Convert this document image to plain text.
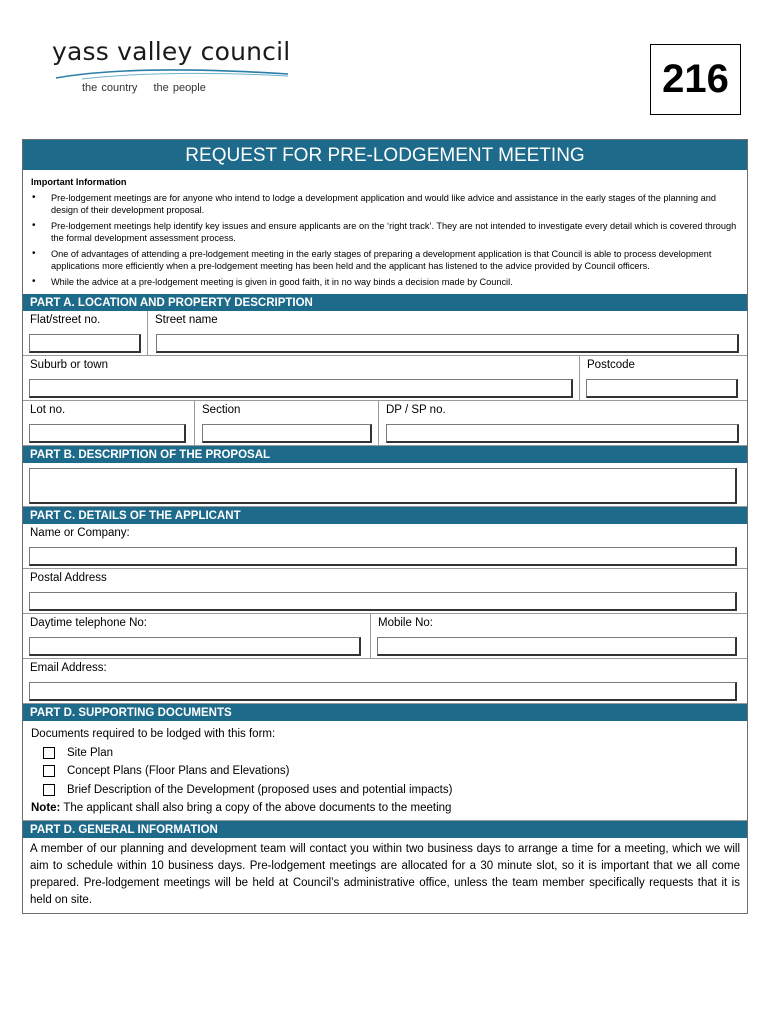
yass valley council
the country the people	216
REQUEST FOR PRE-LODGEMENT MEETING
Important Information
• Pre-lodgement meetings are for anyone who intend to lodge a development application and would like advice and assistance in the early stages of the planning and design of their development proposal.
• Pre-lodgement meetings help identify key issues and ensure applicants are on the ‘right track’. They are not intended to investigate every detail which is covered through the formal development assessment process.
• One of advantages of attending a pre-lodgement meeting in the early stages of preparing a development application is that Council is able to process development applications more efficiently when a pre-lodgement meeting has been held and the applicant has listened to the advice provided by Council officers.
• While the advice at a pre-lodgement meeting is given in good faith, it in no way binds a decision made by Council.
PART A. LOCATION AND PROPERTY DESCRIPTION
Flat/street no.	Street name
Suburb or town	Postcode
Lot no.	Section	DP / SP no.
PART B. DESCRIPTION OF THE PROPOSAL
PART C. DETAILS OF THE APPLICANT
Name or Company:
Postal Address
Daytime telephone No:	Mobile No:
Email Address:
PART D. SUPPORTING DOCUMENTS
Documents required to be lodged with this form:
Site Plan
Concept Plans (Floor Plans and Elevations)
Brief Description of the Development (proposed uses and potential impacts)
Note: The applicant shall also bring a copy of the above documents to the meeting
PART D. GENERAL INFORMATION
A member of our planning and development team will contact you within two business days to arrange a time for a meeting, which we will aim to schedule within 10 business days. Pre-lodgement meetings are allocated for a 30 minute slot, so it is important that we all come prepared. Pre-lodgement meetings will be held at Council’s administrative office, unless the team member specifically requests that it is held on site.
